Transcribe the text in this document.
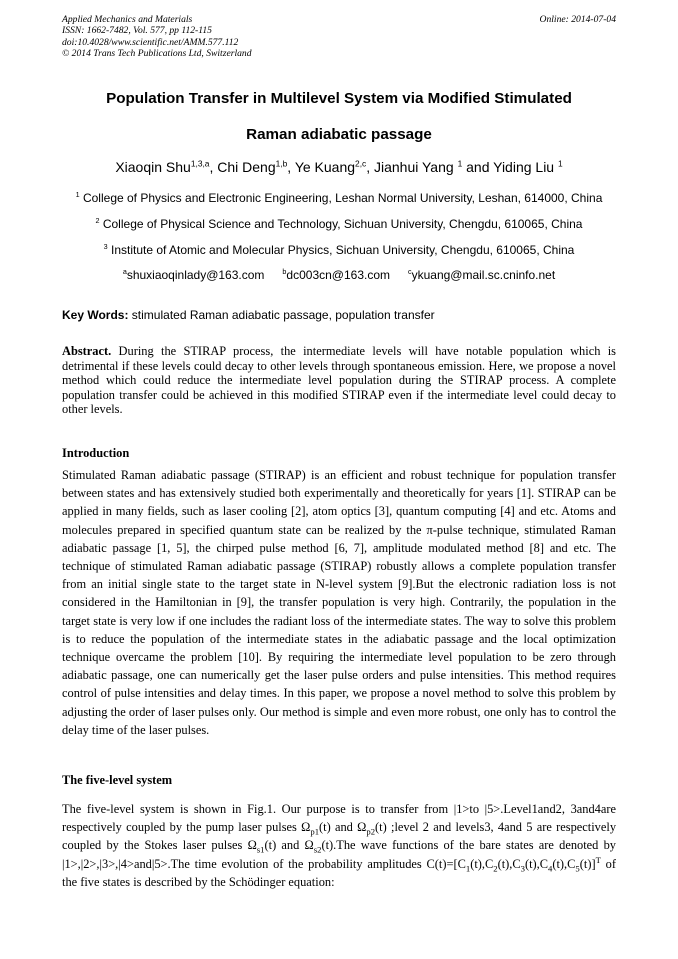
Applied Mechanics and Materials
ISSN: 1662-7482, Vol. 577, pp 112-115
doi:10.4028/www.scientific.net/AMM.577.112
© 2014 Trans Tech Publications Ltd, Switzerland
Online: 2014-07-04
Population Transfer in Multilevel System via Modified Stimulated
Raman adiabatic passage
Xiaoqin Shu$^{1,3,a}$, Chi Deng$^{1,b}$, Ye Kuang$^{2,c}$, Jianhui Yang $^1$ and Yiding Liu $^1$
$^1$ College of Physics and Electronic Engineering, Leshan Normal University, Leshan, 614000, China
$^2$ College of Physical Science and Technology, Sichuan University, Chengdu, 610065, China
$^3$ Institute of Atomic and Molecular Physics, Sichuan University, Chengdu, 610065, China
$^a$shuxiaoqinlady@163.com	$^b$dc003cn@163.com	$^c$ykuang@mail.sc.cninfo.net
Key Words: stimulated Raman adiabatic passage, population transfer
Abstract. During the STIRAP process, the intermediate levels will have notable population which is detrimental if these levels could decay to other levels through spontaneous emission. Here, we propose a novel method which could reduce the intermediate level population during the STIRAP process. A complete population transfer could be achieved in this modified STIRAP even if the intermediate level could decay to other levels.
Introduction
Stimulated Raman adiabatic passage (STIRAP) is an efficient and robust technique for population transfer between states and has extensively studied both experimentally and theoretically for years [1]. STIRAP can be applied in many fields, such as laser cooling [2], atom optics [3], quantum computing [4] and etc. Atoms and molecules prepared in specified quantum state can be realized by the π-pulse technique, stimulated Raman adiabatic passage [1, 5], the chirped pulse method [6, 7], amplitude modulated method [8] and etc. The technique of stimulated Raman adiabatic passage (STIRAP) robustly allows a complete population transfer from an initial single state to the target state in N-level system [9].But the electronic radiation loss is not considered in the Hamiltonian in [9], the transfer population is very high. Contrarily, the population in the target state is very low if one includes the radiant loss of the intermediate states. The way to solve this problem is to reduce the population of the intermediate states in the adiabatic passage and the local optimization technique overcame the problem [10]. By requiring the intermediate level population to be zero through adiabatic passage, one can numerically get the laser pulse orders and pulse intensities. This method requires control of pulse intensities and delay times. In this paper, we propose a novel method to solve this problem by adjusting the order of laser pulses only. Our method is simple and even more robust, one only has to control the delay time of the laser pulses.
The five-level system
The five-level system is shown in Fig.1. Our purpose is to transfer from |1>to |5>.Level1and2, 3and4are respectively coupled by the pump laser pulses $\Omega_{p1}(t)$ and $\Omega_{p2}(t)$ ;level 2 and levels3, 4and 5 are respectively coupled by the Stokes laser pulses $\Omega_{s1}(t)$ and $\Omega_{s2}(t).The$ wave functions of the bare states are denoted by |1>,|2>,|3>,|4>and|5>.The time evolution of the probability amplitudes $C(t)=[C_1(t),C_2(t),C_3(t),C_4(t),C_5(t)]^T$ of the five states is described by the Schödinger equation:
